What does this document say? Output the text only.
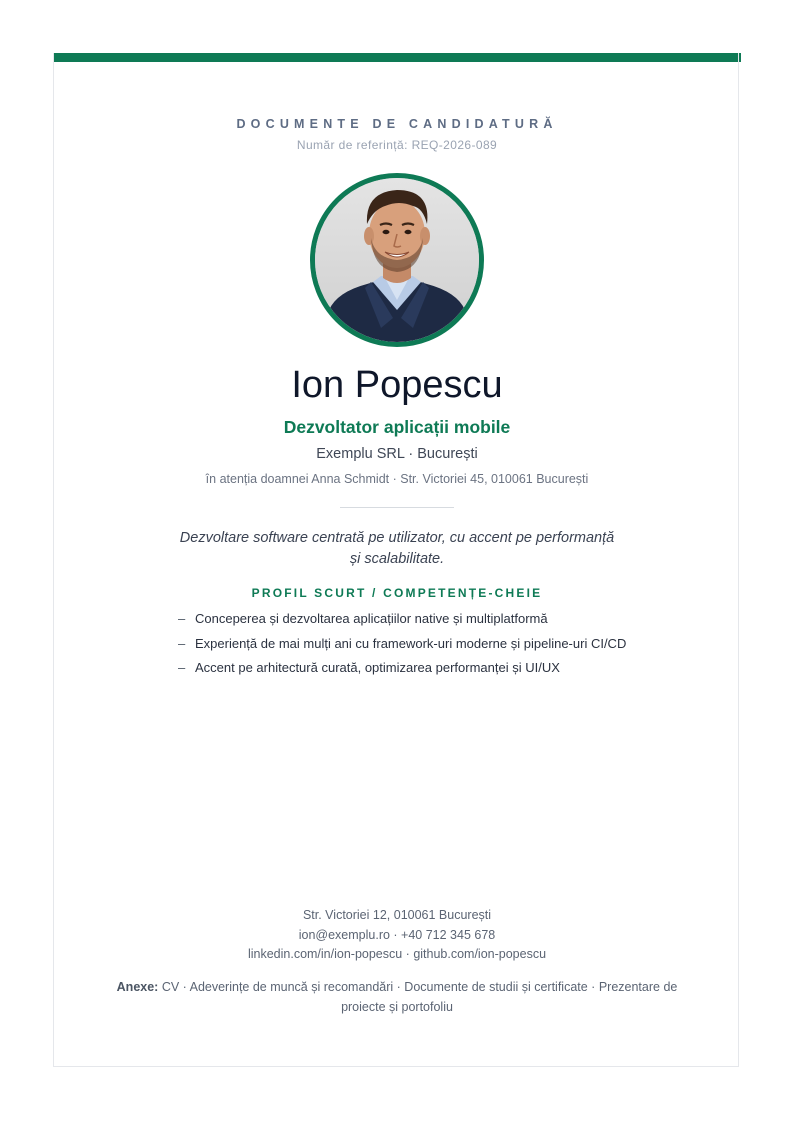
DOCUMENTE DE CANDIDATURĂ
Număr de referință: REQ-2026-089
Ion Popescu
Dezvoltator aplicații mobile
Exemplu SRL · București
în atenția doamnei Anna Schmidt · Str. Victoriei 45, 010061 București
Dezvoltare software centrată pe utilizator, cu accent pe performanță și scalabilitate.
PROFIL SCURT / COMPETENȚE-CHEIE
– Conceperea și dezvoltarea aplicațiilor native și multiplatformă
– Experiență de mai mulți ani cu framework-uri moderne și pipeline-uri CI/CD
– Accent pe arhitectură curată, optimizarea performanței și UI/UX
Str. Victoriei 12, 010061 București
ion@exemplu.ro · +40 712 345 678
linkedin.com/in/ion-popescu · github.com/ion-popescu
Anexe: CV · Adeverințe de muncă și recomandări · Documente de studii și certificate · Prezentare de proiecte și portofoliu
